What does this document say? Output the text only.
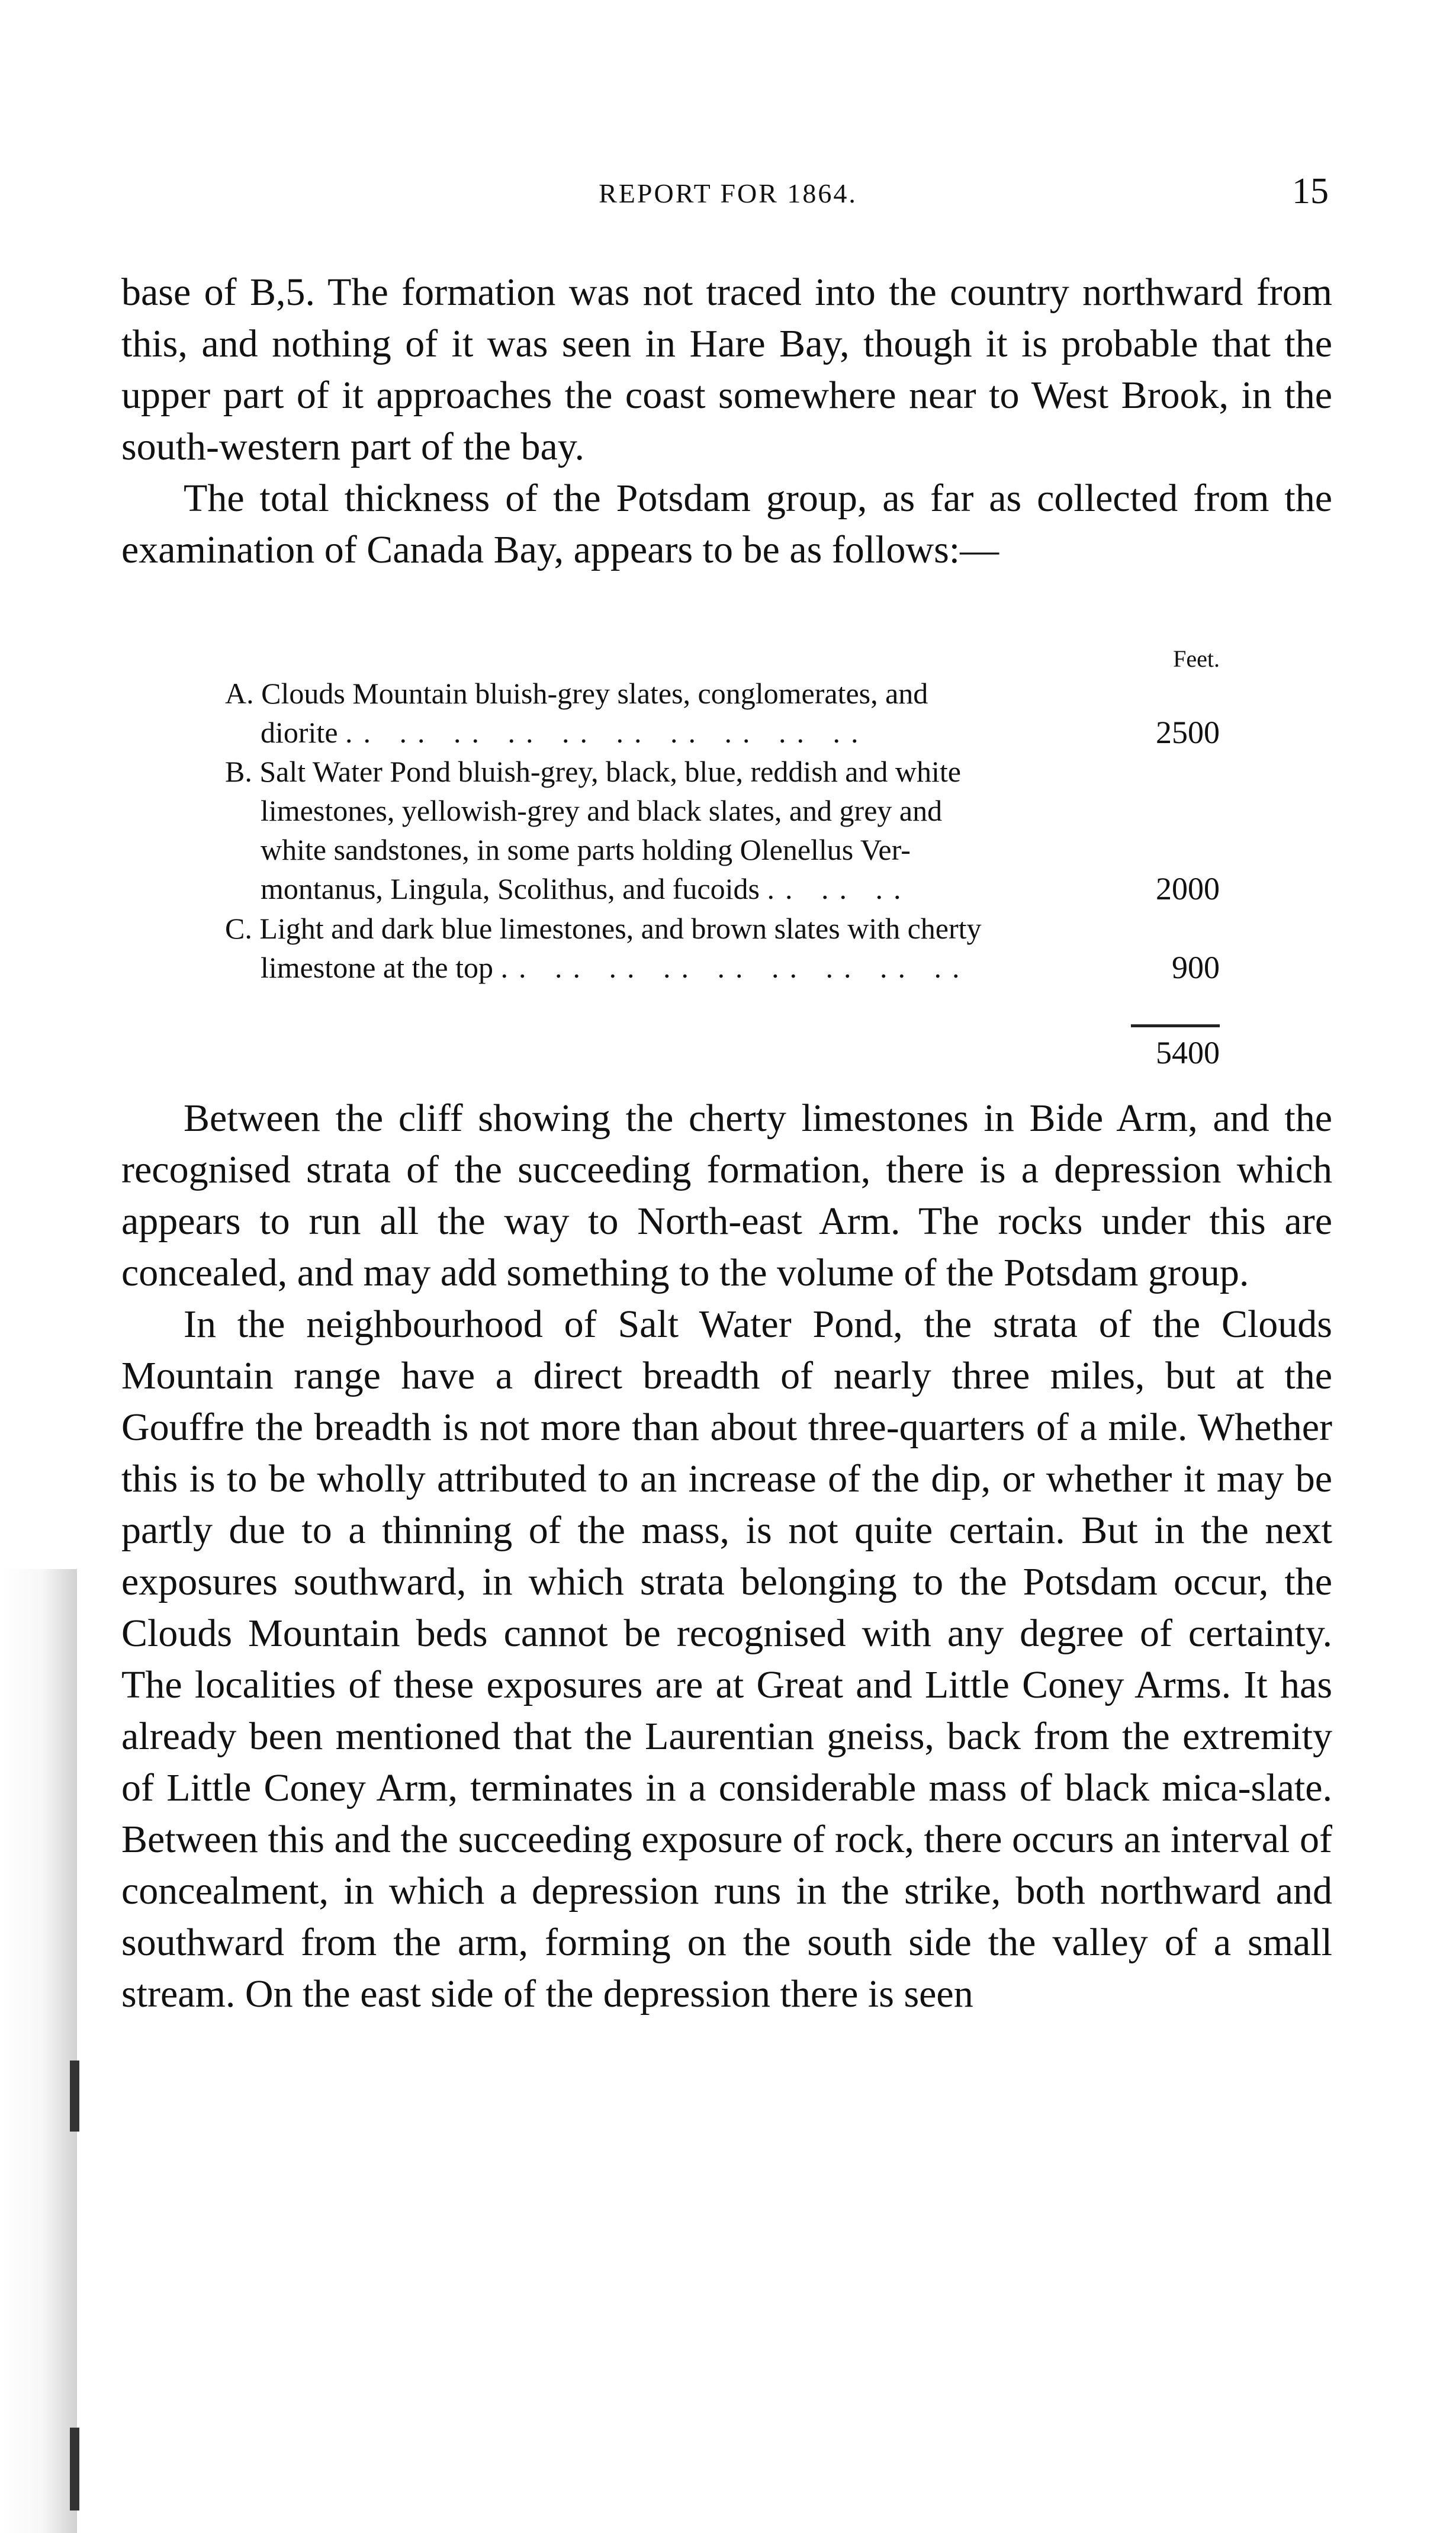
REPORT FOR 1864.	15

base of B,5. The formation was not traced into the country northward from this, and nothing of it was seen in Hare Bay, though it is probable that the upper part of it approaches the coast somewhere near to West Brook, in the south-western part of the bay.

The total thickness of the Potsdam group, as far as collected from the examination of Canada Bay, appears to be as follows:—

Feet.
A. Clouds Mountain bluish-grey slates, conglomerates, and
diorite .. .. .. .. .. .. .. .. .. ..	2500
B. Salt Water Pond bluish-grey, black, blue, reddish and white
limestones, yellowish-grey and black slates, and grey and
white sandstones, in some parts holding Olenellus Ver-
montanus, Lingula, Scolithus, and fucoids .. .. ..	2000
C. Light and dark blue limestones, and brown slates with cherty
limestone at the top .. .. .. .. .. .. .. .. ..	900
5400

Between the cliff showing the cherty limestones in Bide Arm, and the recognised strata of the succeeding formation, there is a depression which appears to run all the way to North-east Arm. The rocks under this are concealed, and may add something to the volume of the Potsdam group.

In the neighbourhood of Salt Water Pond, the strata of the Clouds Mountain range have a direct breadth of nearly three miles, but at the Gouffre the breadth is not more than about three-quarters of a mile. Whether this is to be wholly attributed to an increase of the dip, or whether it may be partly due to a thinning of the mass, is not quite certain. But in the next exposures southward, in which strata belonging to the Potsdam occur, the Clouds Mountain beds cannot be recognised with any degree of certainty. The localities of these exposures are at Great and Little Coney Arms. It has already been mentioned that the Laurentian gneiss, back from the extremity of Little Coney Arm, terminates in a considerable mass of black mica-slate. Between this and the succeeding exposure of rock, there occurs an interval of concealment, in which a depression runs in the strike, both northward and southward from the arm, forming on the south side the valley of a small stream. On the east side of the depression there is seen
